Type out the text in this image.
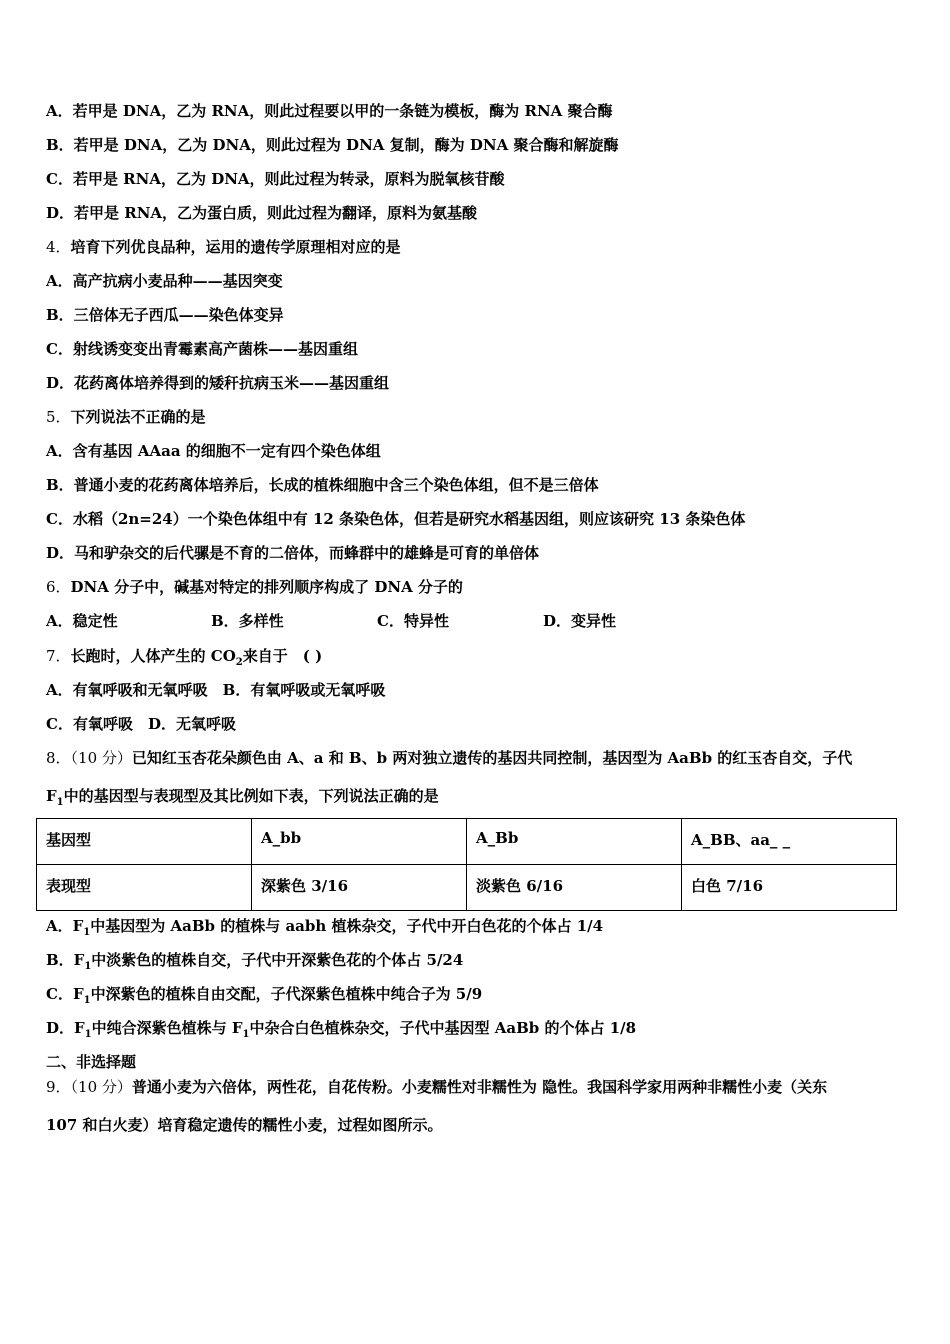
A．若甲是 DNA，乙为 RNA，则此过程要以甲的一条链为模板，酶为 RNA 聚合酶
B．若甲是 DNA，乙为 DNA，则此过程为 DNA 复制，酶为 DNA 聚合酶和解旋酶
C．若甲是 RNA，乙为 DNA，则此过程为转录，原料为脱氧核苷酸
D．若甲是 RNA，乙为蛋白质，则此过程为翻译，原料为氨基酸
4．培育下列优良品种，运用的遗传学原理相对应的是
A．高产抗病小麦品种——基因突变
B．三倍体无子西瓜——染色体变异
C．射线诱变变出青霉素高产菌株——基因重组
D．花药离体培养得到的矮秆抗病玉米——基因重组
5．下列说法不正确的是
A．含有基因 AAaa 的细胞不一定有四个染色体组
B．普通小麦的花药离体培养后，长成的植株细胞中含三个染色体组，但不是三倍体
C．水稻（2n=24）一个染色体组中有 12 条染色体，但若是研究水稻基因组，则应该研究 13 条染色体
D．马和驴杂交的后代骡是不育的二倍体，而蜂群中的雄蜂是可育的单倍体
6．DNA 分子中，碱基对特定的排列顺序构成了 DNA 分子的
A．稳定性	B．多样性	C．特异性	D．变异性
7．长跑时，人体产生的 $CO_2$来自于　( )
A．有氧呼吸和无氧呼吸　B．有氧呼吸或无氧呼吸
C．有氧呼吸　D．无氧呼吸
8．（10 分）已知红玉杏花朵颜色由 A、a 和 B、b 两对独立遗传的基因共同控制，基因型为 AaBb 的红玉杏自交，子代
$F_1$中的基因型与表现型及其比例如下表，下列说法正确的是
基因型	A_bb	A_Bb	A_BB、aa_ _
表现型	深紫色 3/16	淡紫色 6/16	白色 7/16
A．$F_1$中基因型为 AaBb 的植株与 aabh 植株杂交，子代中开白色花的个体占 1/4
B．$F_1$中淡紫色的植株自交，子代中开深紫色花的个体占 5/24
C．$F_1$中深紫色的植株自由交配，子代深紫色植株中纯合子为 5/9
D．$F_1$中纯合深紫色植株与 $F_1$中杂合白色植株杂交，子代中基因型 AaBb 的个体占 1/8
二、非选择题
9．（10 分）普通小麦为六倍体，两性花，自花传粉。小麦糯性对非糯性为 隐性。我国科学家用两种非糯性小麦（关东
107 和白火麦）培育稳定遗传的糯性小麦，过程如图所示。
